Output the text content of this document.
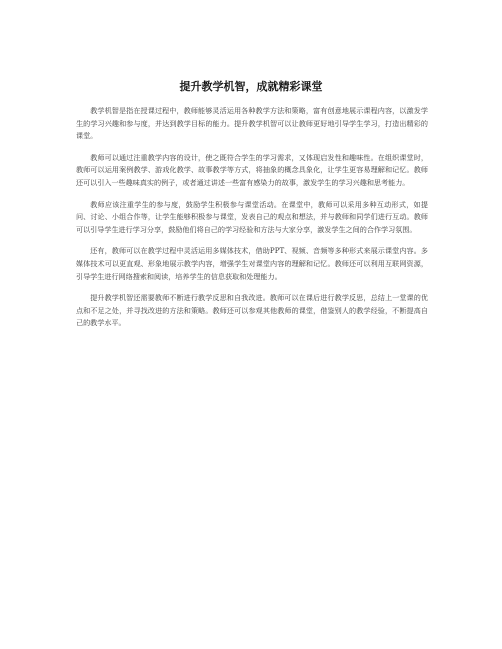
提升教学机智，成就精彩课堂

教学机智是指在授课过程中，教师能够灵活运用各种教学方法和策略，富有创意地展示课程内容，以激发学生的学习兴趣和参与度，并达到教学目标的能力。提升教学机智可以让教师更好地引导学生学习，打造出精彩的课堂。

教师可以通过注重教学内容的设计，使之既符合学生的学习需求，又体现启发性和趣味性。在组织课堂时，教师可以运用案例教学、游戏化教学、故事教学等方式，将抽象的概念具象化，让学生更容易理解和记忆。教师还可以引入一些趣味真实的例子，或者通过讲述一些富有感染力的故事，激发学生的学习兴趣和思考能力。

教师应该注重学生的参与度，鼓励学生积极参与课堂活动。在课堂中，教师可以采用多种互动形式，如提问、讨论、小组合作等，让学生能够积极参与课堂，发表自己的观点和想法，并与教师和同学们进行互动。教师可以引导学生进行学习分享，鼓励他们将自己的学习经验和方法与大家分享，激发学生之间的合作学习氛围。

还有，教师可以在教学过程中灵活运用多媒体技术，借助PPT、视频、音频等多种形式来展示课堂内容。多媒体技术可以更直观、形象地展示教学内容，增强学生对课堂内容的理解和记忆。教师还可以利用互联网资源，引导学生进行网络搜索和阅读，培养学生的信息获取和处理能力。

提升教学机智还需要教师不断进行教学反思和自我改进。教师可以在课后进行教学反思，总结上一堂课的优点和不足之处，并寻找改进的方法和策略。教师还可以参观其他教师的课堂，借鉴别人的教学经验，不断提高自己的教学水平。
